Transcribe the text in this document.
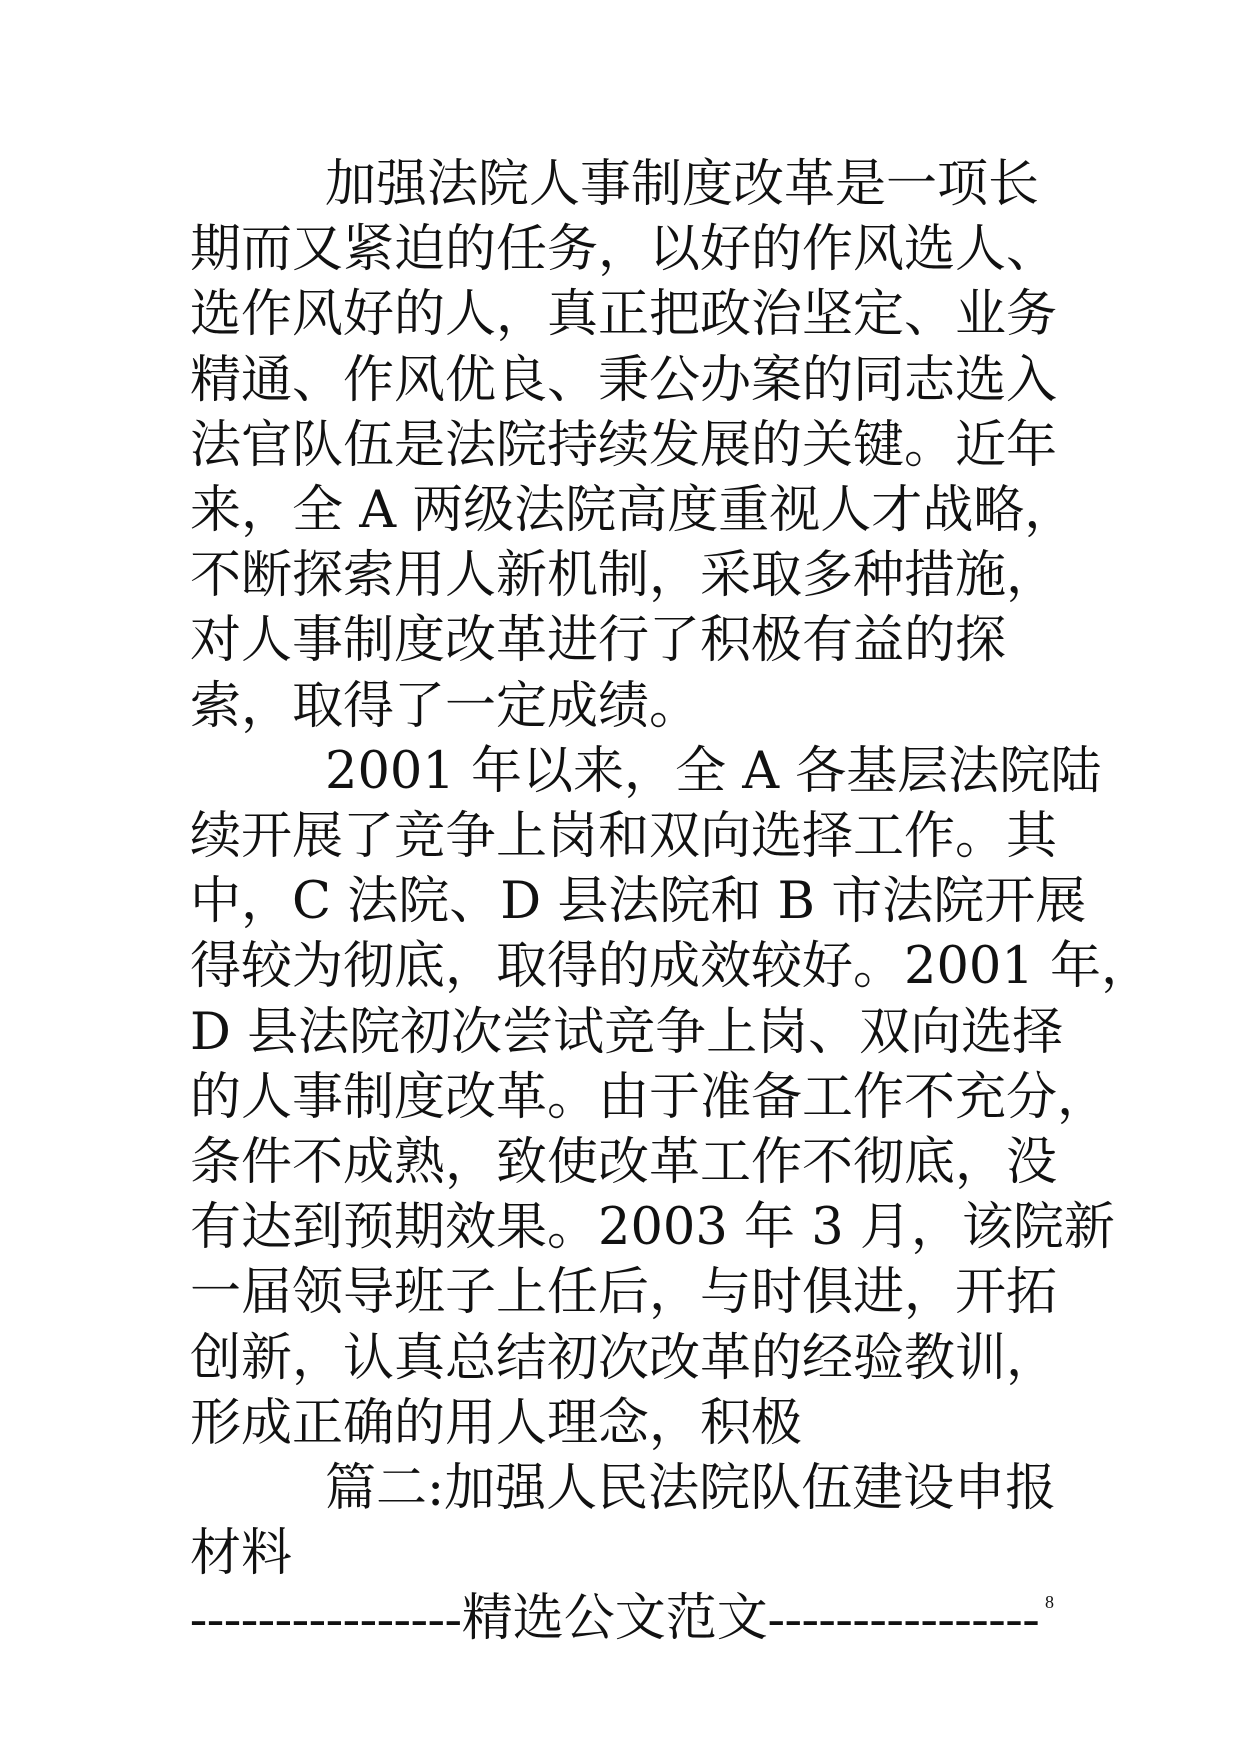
加强法院人事制度改革是一项长
期而又紧迫的任务，以好的作风选人、
选作风好的人，真正把政治坚定、业务
精通、作风优良、秉公办案的同志选入
法官队伍是法院持续发展的关键。近年
来，全 A 两级法院高度重视人才战略，
不断探索用人新机制，采取多种措施，
对人事制度改革进行了积极有益的探
索，取得了一定成绩。

2001 年以来，全 A 各基层法院陆
续开展了竞争上岗和双向选择工作。其
中，C 法院、D 县法院和 B 市法院开展
得较为彻底，取得的成效较好。2001 年，
D 县法院初次尝试竞争上岗、双向选择
的人事制度改革。由于准备工作不充分，
条件不成熟，致使改革工作不彻底，没
有达到预期效果。2003 年 3 月，该院新
一届领导班子上任后，与时俱进，开拓
创新，认真总结初次改革的经验教训，
形成正确的用人理念，积极

篇二:加强人民法院队伍建设申报
材料

----------------精选公文范文---------------- 8
